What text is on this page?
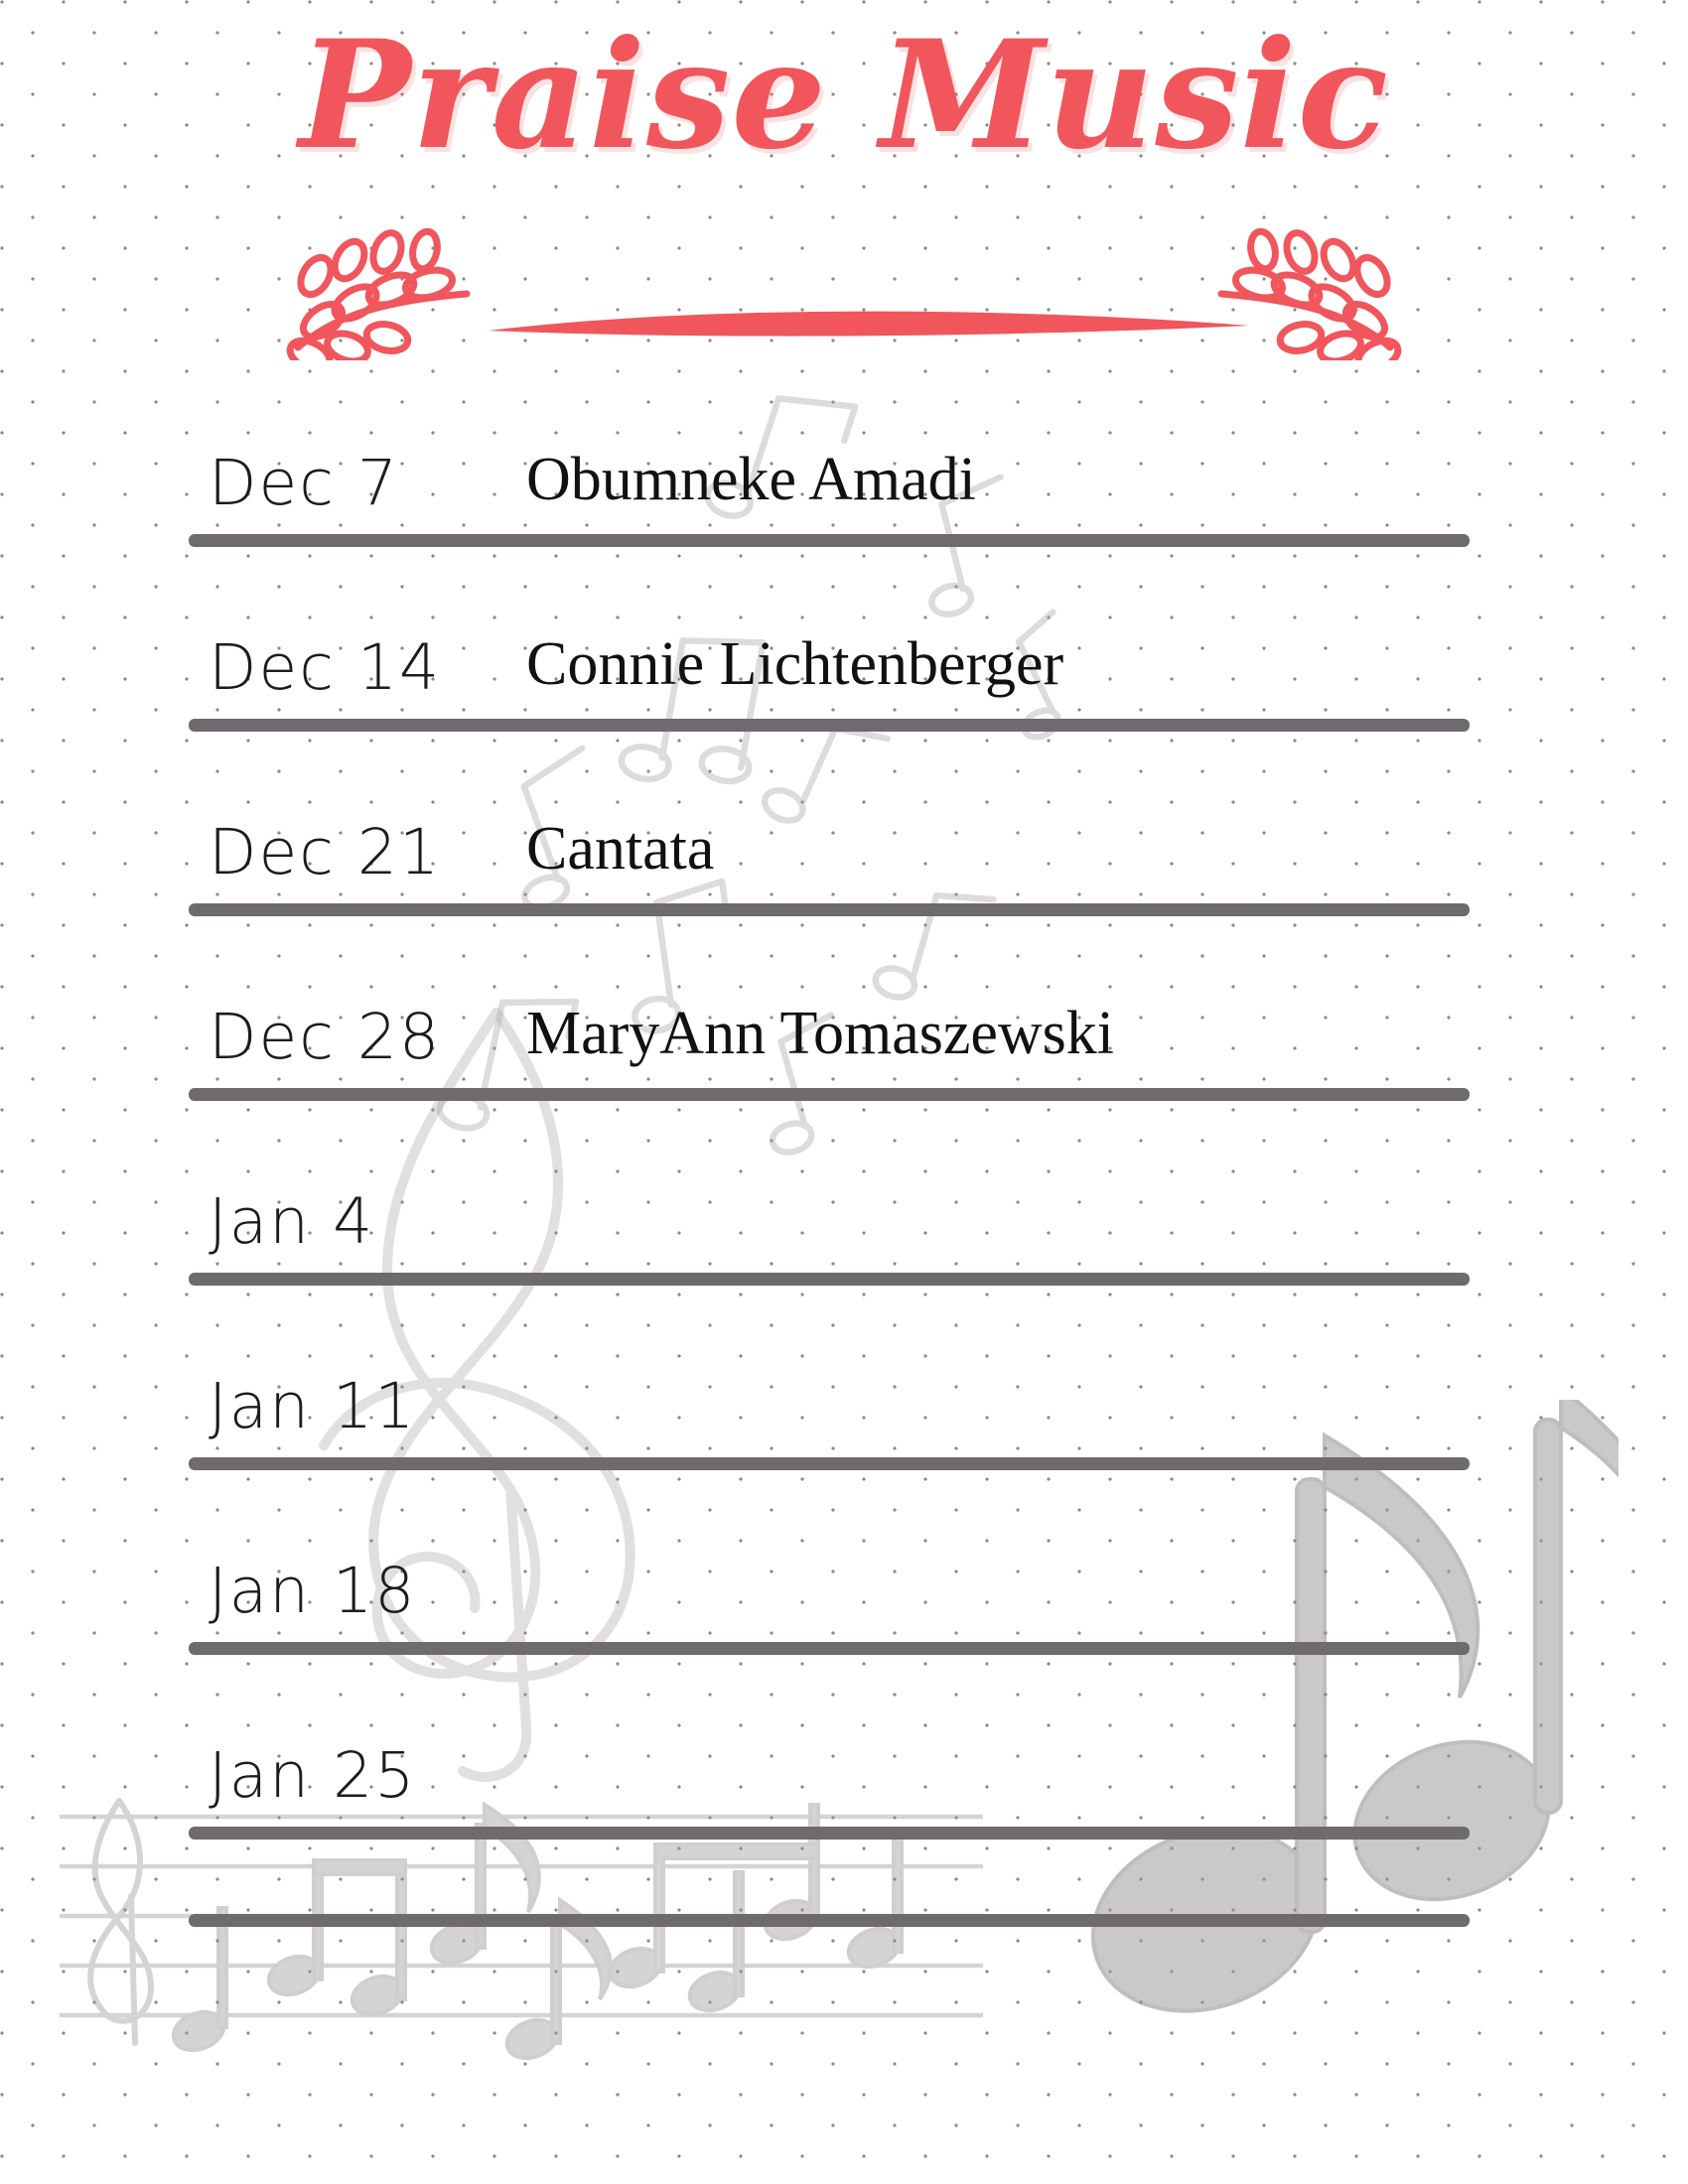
Praise Music
Dec 7 Obumneke Amadi
Dec 14 Connie Lichtenberger
Dec 21 Cantata
Dec 28 MaryAnn Tomaszewski
Jan 4
Jan 11
Jan 18
Jan 25
